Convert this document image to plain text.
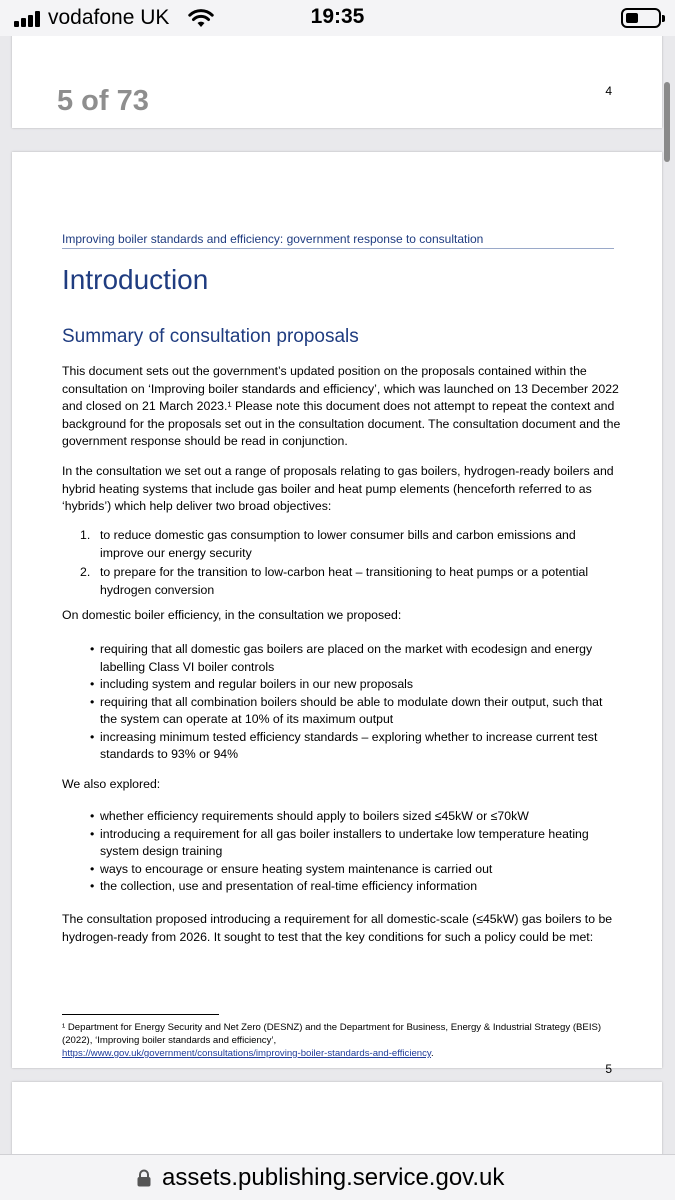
vodafone UK	19:35
4
5 of 73
Improving boiler standards and efficiency: government response to consultation
Introduction
Summary of consultation proposals
This document sets out the government’s updated position on the proposals contained within the consultation on ‘Improving boiler standards and efficiency’, which was launched on 13 December 2022 and closed on 21 March 2023.¹ Please note this document does not attempt to repeat the context and background for the proposals set out in the consultation document. The consultation document and the government response should be read in conjunction.
In the consultation we set out a range of proposals relating to gas boilers, hydrogen-ready boilers and hybrid heating systems that include gas boiler and heat pump elements (henceforth referred to as ‘hybrids’) which help deliver two broad objectives:
1. to reduce domestic gas consumption to lower consumer bills and carbon emissions and improve our energy security
2. to prepare for the transition to low-carbon heat – transitioning to heat pumps or a potential hydrogen conversion
On domestic boiler efficiency, in the consultation we proposed:
• requiring that all domestic gas boilers are placed on the market with ecodesign and energy labelling Class VI boiler controls
• including system and regular boilers in our new proposals
• requiring that all combination boilers should be able to modulate down their output, such that the system can operate at 10% of its maximum output
• increasing minimum tested efficiency standards – exploring whether to increase current test standards to 93% or 94%
We also explored:
• whether efficiency requirements should apply to boilers sized ≤45kW or ≤70kW
• introducing a requirement for all gas boiler installers to undertake low temperature heating system design training
• ways to encourage or ensure heating system maintenance is carried out
• the collection, use and presentation of real-time efficiency information
The consultation proposed introducing a requirement for all domestic-scale (≤45kW) gas boilers to be hydrogen-ready from 2026. It sought to test that the key conditions for such a policy could be met:
¹ Department for Energy Security and Net Zero (DESNZ) and the Department for Business, Energy & Industrial Strategy (BEIS) (2022), ‘Improving boiler standards and efficiency’,
https://www.gov.uk/government/consultations/improving-boiler-standards-and-efficiency.
5
assets.publishing.service.gov.uk
